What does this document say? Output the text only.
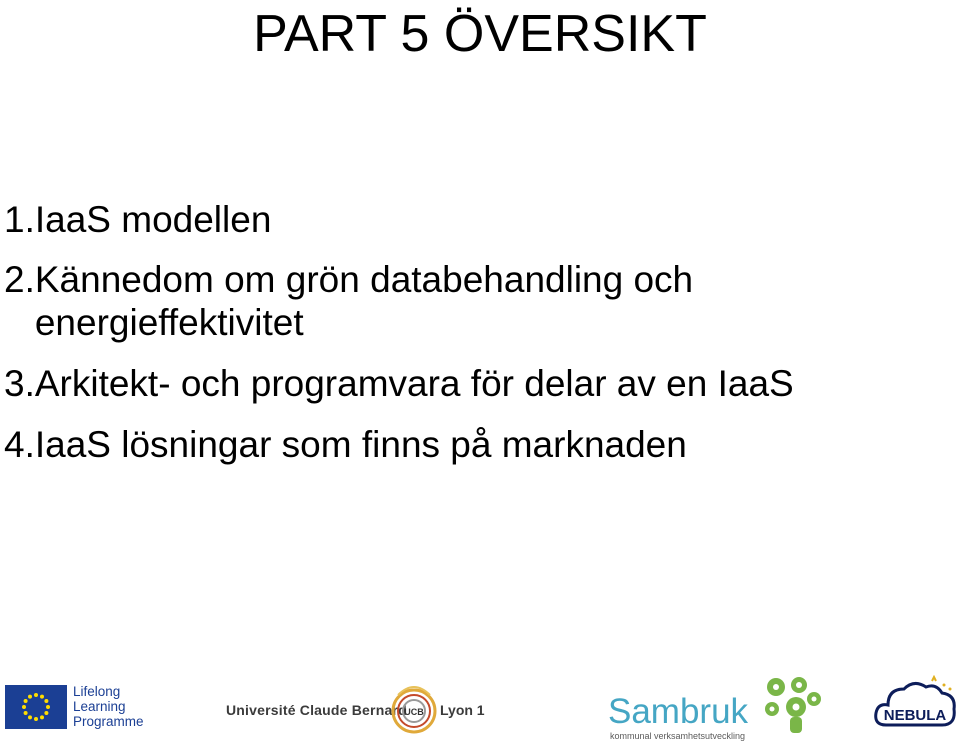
PART 5 ÖVERSIKT
1. IaaS modellen
2. Kännedom om grön databehandling och energieffektivitet
3. Arkitekt- och programvara för delar av en IaaS
4. IaaS lösningar som finns på marknaden
Lifelong
Learning
Programme
Université Claude Bernard
UCB Lyon 1	Sambruk
kommunal verksamhetsutveckling
NEBULA
